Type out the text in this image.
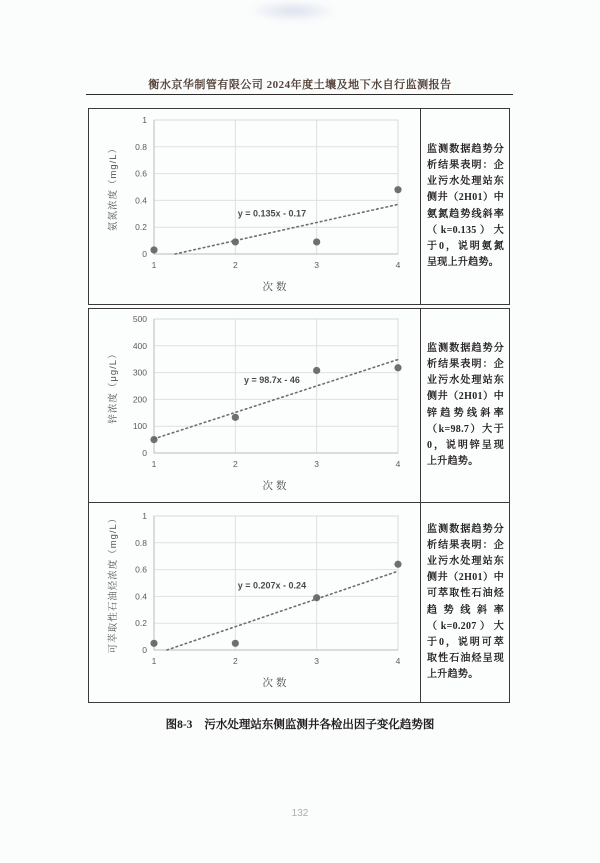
衡水京华制管有限公司 2024年度土壤及地下水自行监测报告
0
0.2
0.4
0.6
0.8
1
1	2	3	4
y = 0.135x - 0.17
次数
氨氮浓度（mg/L）	监测数据趋势分析结果表明：企业污水处理站东侧井（2H01）中氨氮趋势线斜率（k=0.135）大于0，说明氨氮呈现上升趋势。

0
100
200
300
400
500
1	2	3	4
y = 98.7x - 46
次数
锌浓度（μg/L）	监测数据趋势分析结果表明：企业污水处理站东侧井（2H01）中锌趋势线斜率（k=98.7）大于0，说明锌呈现上升趋势。

0
0.2
0.4
0.6
0.8
1
1	2	3	4
y = 0.207x - 0.24
次数
可萃取性石油烃浓度（mg/L）	监测数据趋势分析结果表明：企业污水处理站东侧井（2H01）中可萃取性石油烃趋势线斜率（k=0.207）大于0，说明可萃取性石油烃呈现上升趋势。

图8-3 污水处理站东侧监测井各检出因子变化趋势图
132
